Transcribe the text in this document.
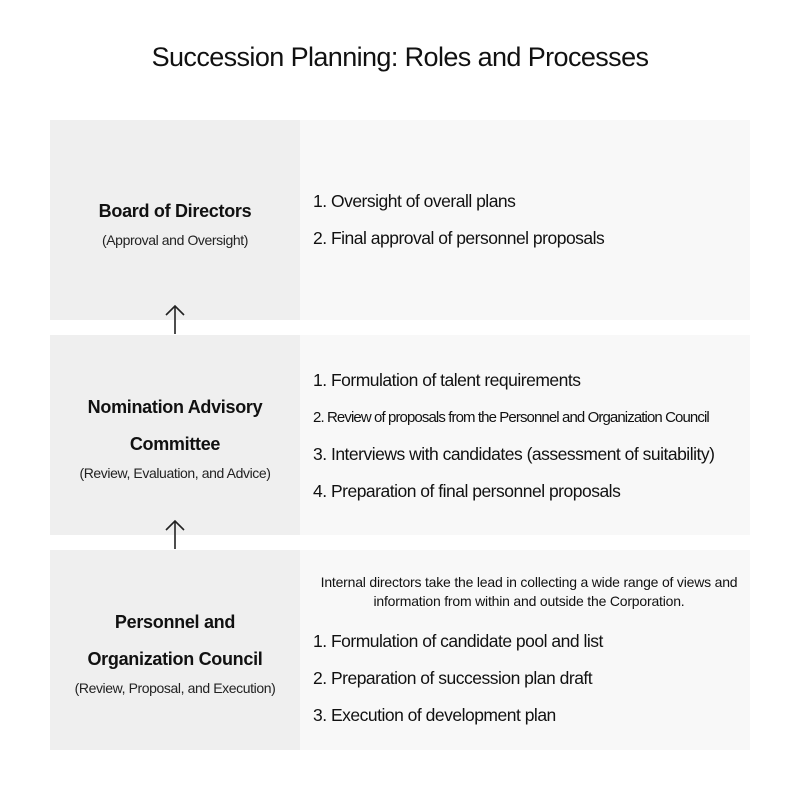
Succession Planning: Roles and Processes
Board of Directors
(Approval and Oversight)
1. Oversight of overall plans
2. Final approval of personnel proposals
Nomination Advisory
Committee
(Review, Evaluation, and Advice)
1. Formulation of talent requirements
2. Review of proposals from the Personnel and Organization Council
3. Interviews with candidates (assessment of suitability)
4. Preparation of final personnel proposals
Personnel and
Organization Council
(Review, Proposal, and Execution)
Internal directors take the lead in collecting a wide range of views and information from within and outside the Corporation.
1. Formulation of candidate pool and list
2. Preparation of succession plan draft
3. Execution of development plan
